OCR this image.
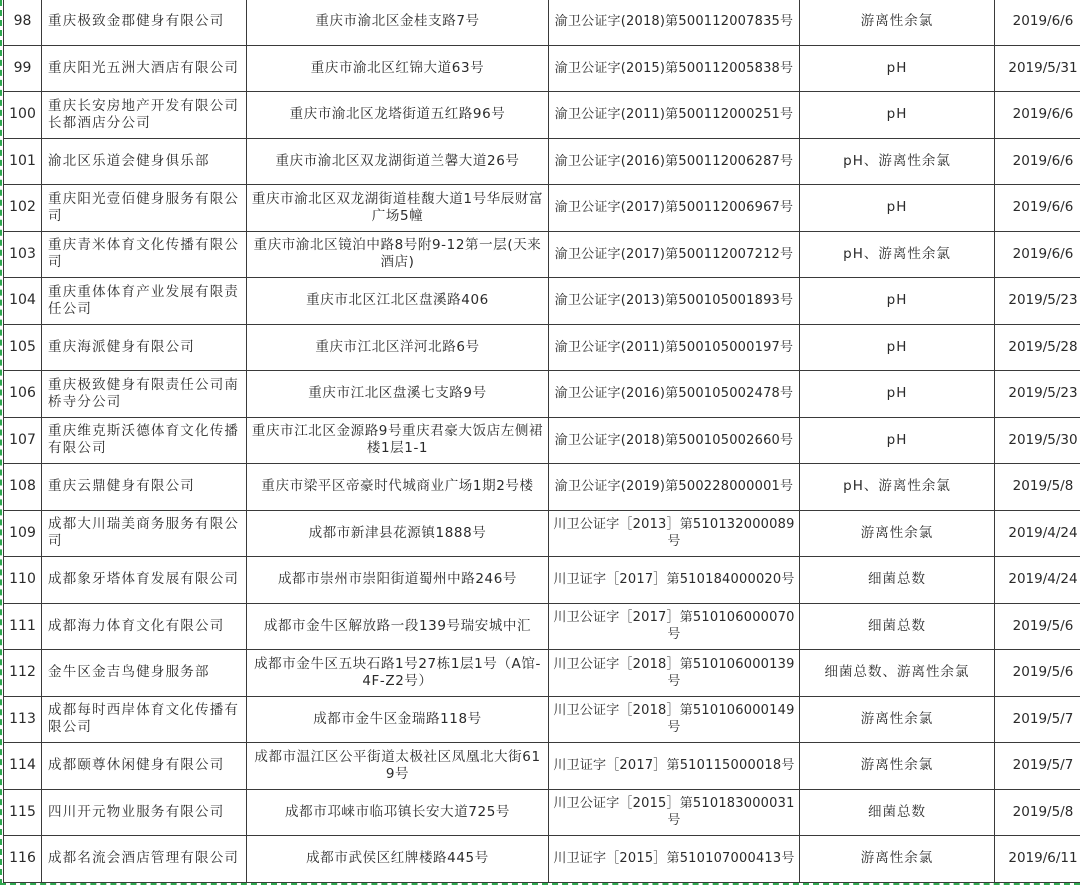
98	重庆极致金郡健身有限公司	重庆市渝北区金桂支路7号	渝卫公证字(2018)第500112007835号	游离性余氯	2019/6/6
99	重庆阳光五洲大酒店有限公司	重庆市渝北区红锦大道63号	渝卫公证字(2015)第500112005838号	pH	2019/5/31
100	重庆长安房地产开发有限公司长都酒店分公司	重庆市渝北区龙塔街道五红路96号	渝卫公证字(2011)第500112000251号	pH	2019/6/6
101	渝北区乐道会健身俱乐部	重庆市渝北区双龙湖街道兰馨大道26号	渝卫公证字(2016)第500112006287号	pH、游离性余氯	2019/6/6
102	重庆阳光壹佰健身服务有限公司	重庆市渝北区双龙湖街道桂馥大道1号华辰财富广场5幢	渝卫公证字(2017)第500112006967号	pH	2019/6/6
103	重庆青米体育文化传播有限公司	重庆市渝北区镜泊中路8号附9-12第一层(天来酒店)	渝卫公证字(2017)第500112007212号	pH、游离性余氯	2019/6/6
104	重庆重体体育产业发展有限责任公司	重庆市北区江北区盘溪路406	渝卫公证字(2013)第500105001893号	pH	2019/5/23
105	重庆海派健身有限公司	重庆市江北区洋河北路6号	渝卫公证字(2011)第500105000197号	pH	2019/5/28
106	重庆极致健身有限责任公司南桥寺分公司	重庆市江北区盘溪七支路9号	渝卫公证字(2016)第500105002478号	pH	2019/5/23
107	重庆维克斯沃德体育文化传播有限公司	重庆市江北区金源路9号重庆君豪大饭店左侧裙楼1层1-1	渝卫公证字(2018)第500105002660号	pH	2019/5/30
108	重庆云鼎健身有限公司	重庆市梁平区帝豪时代城商业广场1期2号楼	渝卫公证字(2019)第500228000001号	pH、游离性余氯	2019/5/8
109	成都大川瑞美商务服务有限公司	成都市新津县花源镇1888号	川卫公证字［2013］第510132000089号	游离性余氯	2019/4/24
110	成都象牙塔体育发展有限公司	成都市崇州市崇阳街道蜀州中路246号	川卫证字［2017］第510184000020号	细菌总数	2019/4/24
111	成都海力体育文化有限公司	成都市金牛区解放路一段139号瑞安城中汇	川卫公证字［2017］第510106000070号	细菌总数	2019/5/6
112	金牛区金吉鸟健身服务部	成都市金牛区五块石路1号27栋1层1号（A馆-4F-Z2号）	川卫公证字［2018］第510106000139号	细菌总数、游离性余氯	2019/5/6
113	成都每时西岸体育文化传播有限公司	成都市金牛区金瑞路118号	川卫公证字［2018］第510106000149号	游离性余氯	2019/5/7
114	成都颐尊休闲健身有限公司	成都市温江区公平街道太极社区凤凰北大街619号	川卫证字［2017］第510115000018号	游离性余氯	2019/5/7
115	四川开元物业服务有限公司	成都市邛崃市临邛镇长安大道725号	川卫公证字［2015］第510183000031号	细菌总数	2019/5/8
116	成都名流会酒店管理有限公司	成都市武侯区红牌楼路445号	川卫证字［2015］第510107000413号	游离性余氯	2019/6/11
